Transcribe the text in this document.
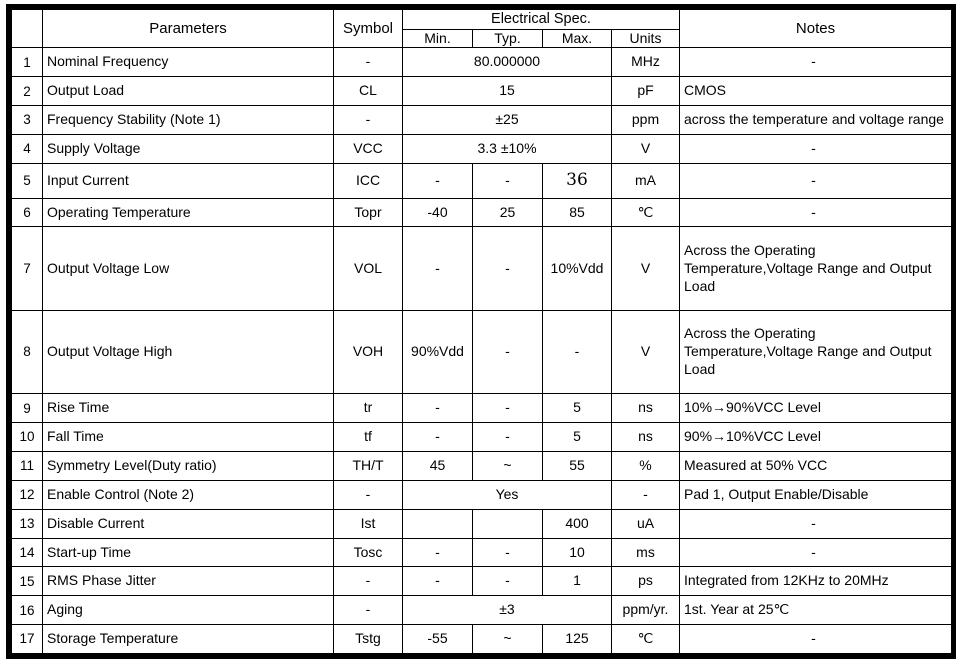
	Parameters	Symbol	Electrical Spec.				Notes
			Min.	Typ.	Max.	Units	
1	Nominal Frequency	-	80.000000			MHz	-
2	Output Load	CL	15			pF	CMOS
3	Frequency Stability (Note 1)	-	±25			ppm	across the temperature and voltage range
4	Supply Voltage	VCC	3.3 ±10%			V	-
5	Input Current	ICC	-	-	36	mA	-
6	Operating Temperature	Topr	-40	25	85	℃	-
7	Output Voltage Low	VOL	-	-	10%Vdd	V	Across the Operating Temperature,Voltage Range and Output Load
8	Output Voltage High	VOH	90%Vdd	-	-	V	Across the Operating Temperature,Voltage Range and Output Load
9	Rise Time	tr	-	-	5	ns	10%→90%VCC Level
10	Fall Time	tf	-	-	5	ns	90%→10%VCC Level
11	Symmetry Level(Duty ratio)	TH/T	45	~	55	%	Measured at 50% VCC
12	Enable Control (Note 2)	-	Yes			-	Pad 1, Output Enable/Disable
13	Disable Current	Ist			400	uA	-
14	Start-up Time	Tosc	-	-	10	ms	-
15	RMS Phase Jitter	-	-	-	1	ps	Integrated from 12KHz to 20MHz
16	Aging	-	±3			ppm/yr.	1st. Year at 25℃
17	Storage Temperature	Tstg	-55	~	125	℃	-
